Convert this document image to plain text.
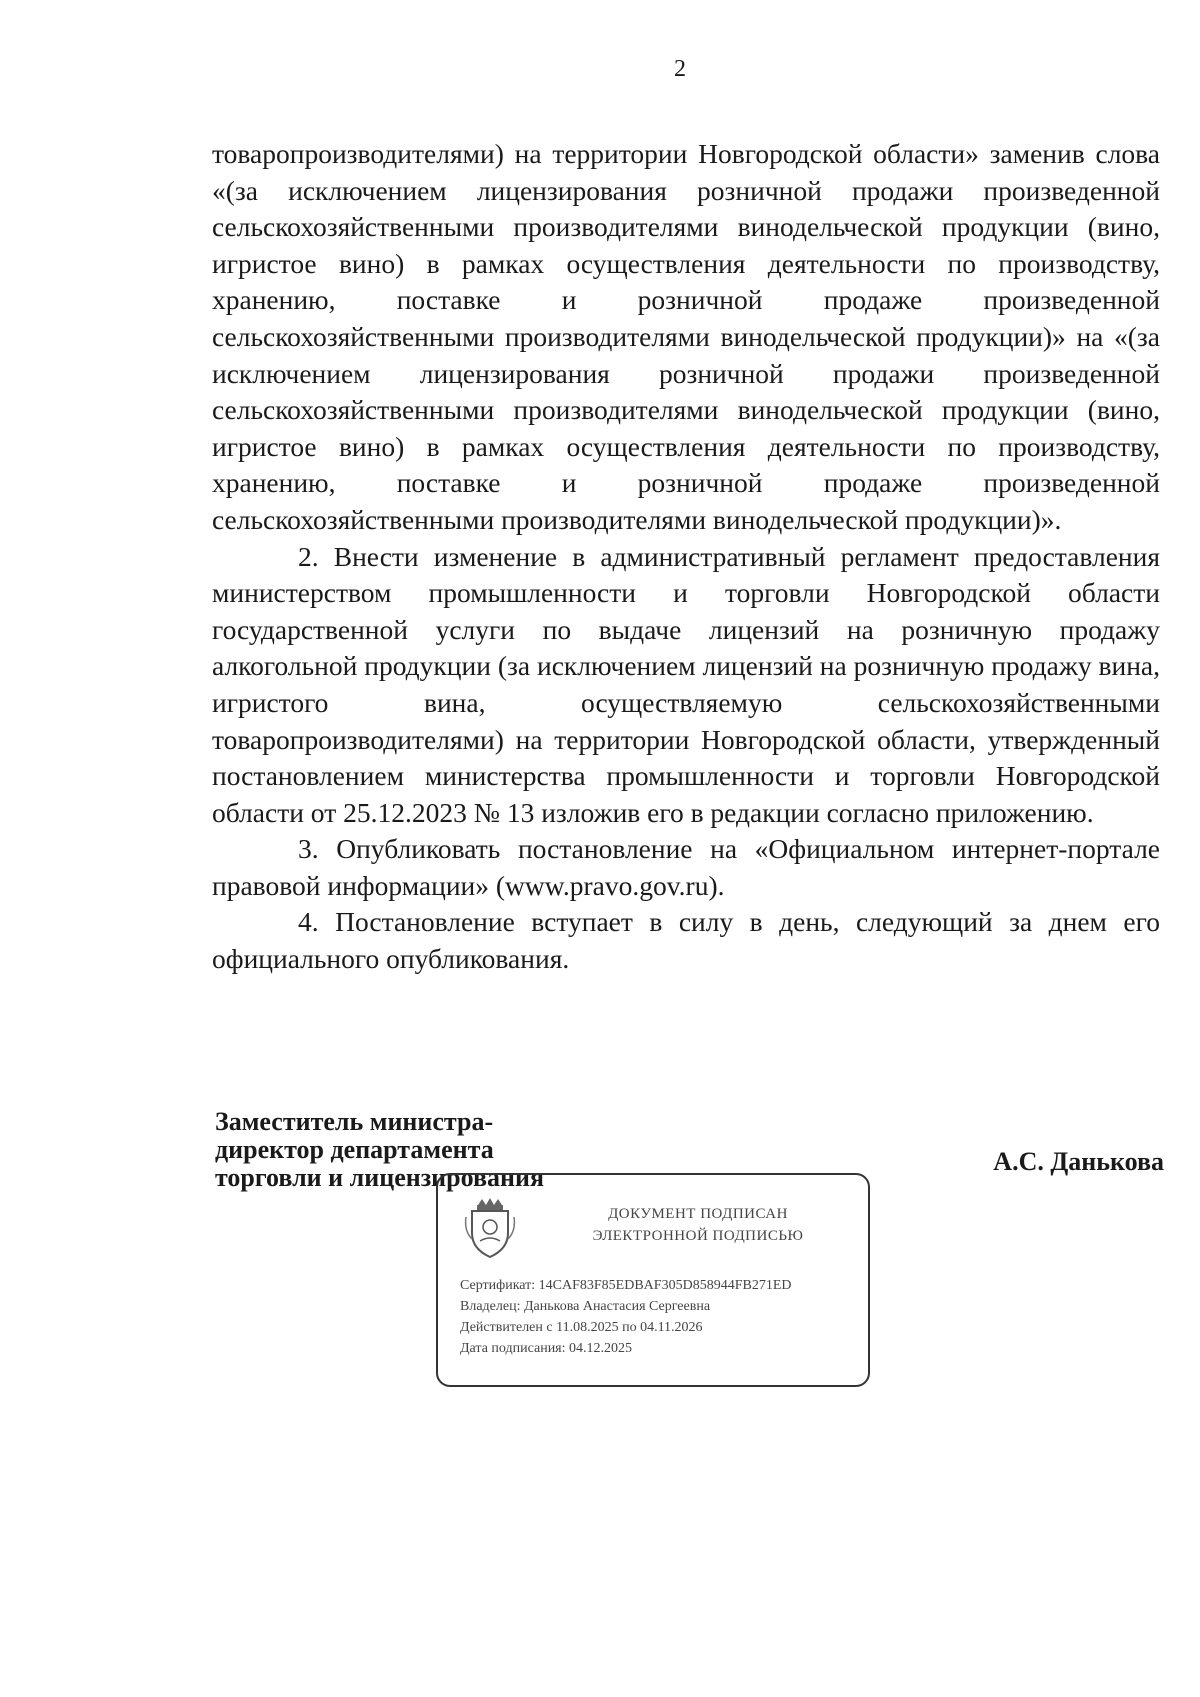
2

товаропроизводителями) на территории Новгородской области» заменив слова «(за исключением лицензирования розничной продажи произведенной сельскохозяйственными производителями винодельческой продукции (вино, игристое вино) в рамках осуществления деятельности по производству, хранению, поставке и розничной продаже произведенной сельскохозяйственными производителями винодельческой продукции)» на «(за исключением лицензирования розничной продажи произведенной сельскохозяйственными производителями винодельческой продукции (вино, игристое вино) в рамках осуществления деятельности по производству, хранению, поставке и розничной продаже произведенной сельскохозяйственными производителями винодельческой продукции)».

2. Внести изменение в административный регламент предоставления министерством промышленности и торговли Новгородской области государственной услуги по выдаче лицензий на розничную продажу алкогольной продукции (за исключением лицензий на розничную продажу вина, игристого вина, осуществляемую сельскохозяйственными товаропроизводителями) на территории Новгородской области, утвержденный постановлением министерства промышленности и торговли Новгородской области от 25.12.2023 № 13 изложив его в редакции согласно приложению.

3. Опубликовать постановление на «Официальном интернет-портале правовой информации» (www.pravo.gov.ru).

4. Постановление вступает в силу в день, следующий за днем его официального опубликования.

Заместитель министра-
директор департамента
торговли и лицензирования
А.С. Данькова
ДОКУМЕНТ ПОДПИСАН
ЭЛЕКТРОННОЙ ПОДПИСЬЮ
Сертификат: 14CAF83F85EDBAF305D858944FB271ED
Владелец: Данькова Анастасия Сергеевна
Действителен с 11.08.2025 по 04.11.2026
Дата подписания: 04.12.2025
